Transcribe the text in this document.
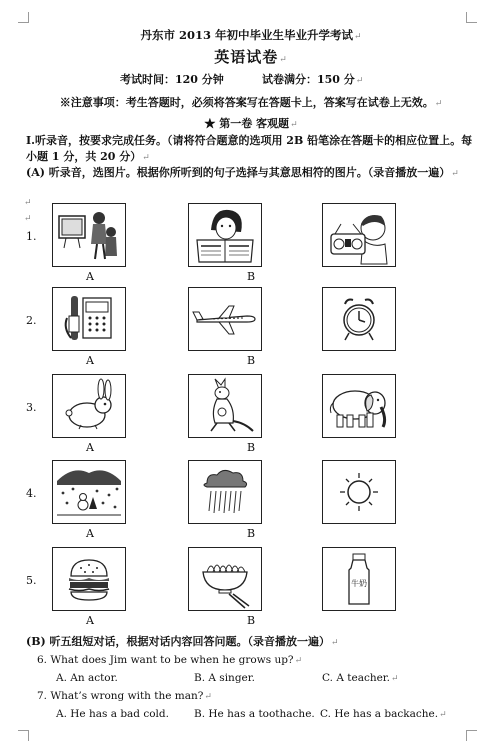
丹东市 2013 年初中毕业生毕业升学考试↵
英语试卷↵
考试时间：120 分钟	试卷满分：150 分↵
※注意事项：考生答题时，必须将答案写在答题卡上，答案写在试卷上无效。↵
★ 第一卷 客观题↵
Ⅰ.听录音，按要求完成任务。（请将符合题意的选项用 2B 铅笔涂在答题卡的相应位置上。每小题 1 分，共 20 分）↵
(A) 听录音，选图片。根据你所听到的句子选择与其意思相符的图片。（录音播放一遍）↵
↵
↵
1.
A	B
2.
A	B
3.
A	B
4.
A	B
5.	牛奶
A	B
(B) 听五组短对话，根据对话内容回答问题。（录音播放一遍）↵
6. What does Jim want to be when he grows up?↵
A. An actor.	B. A singer.	C. A teacher.↵
7. What’s wrong with the man?↵
A. He has a bad cold. B. He has a toothache. C. He has a backache.↵
